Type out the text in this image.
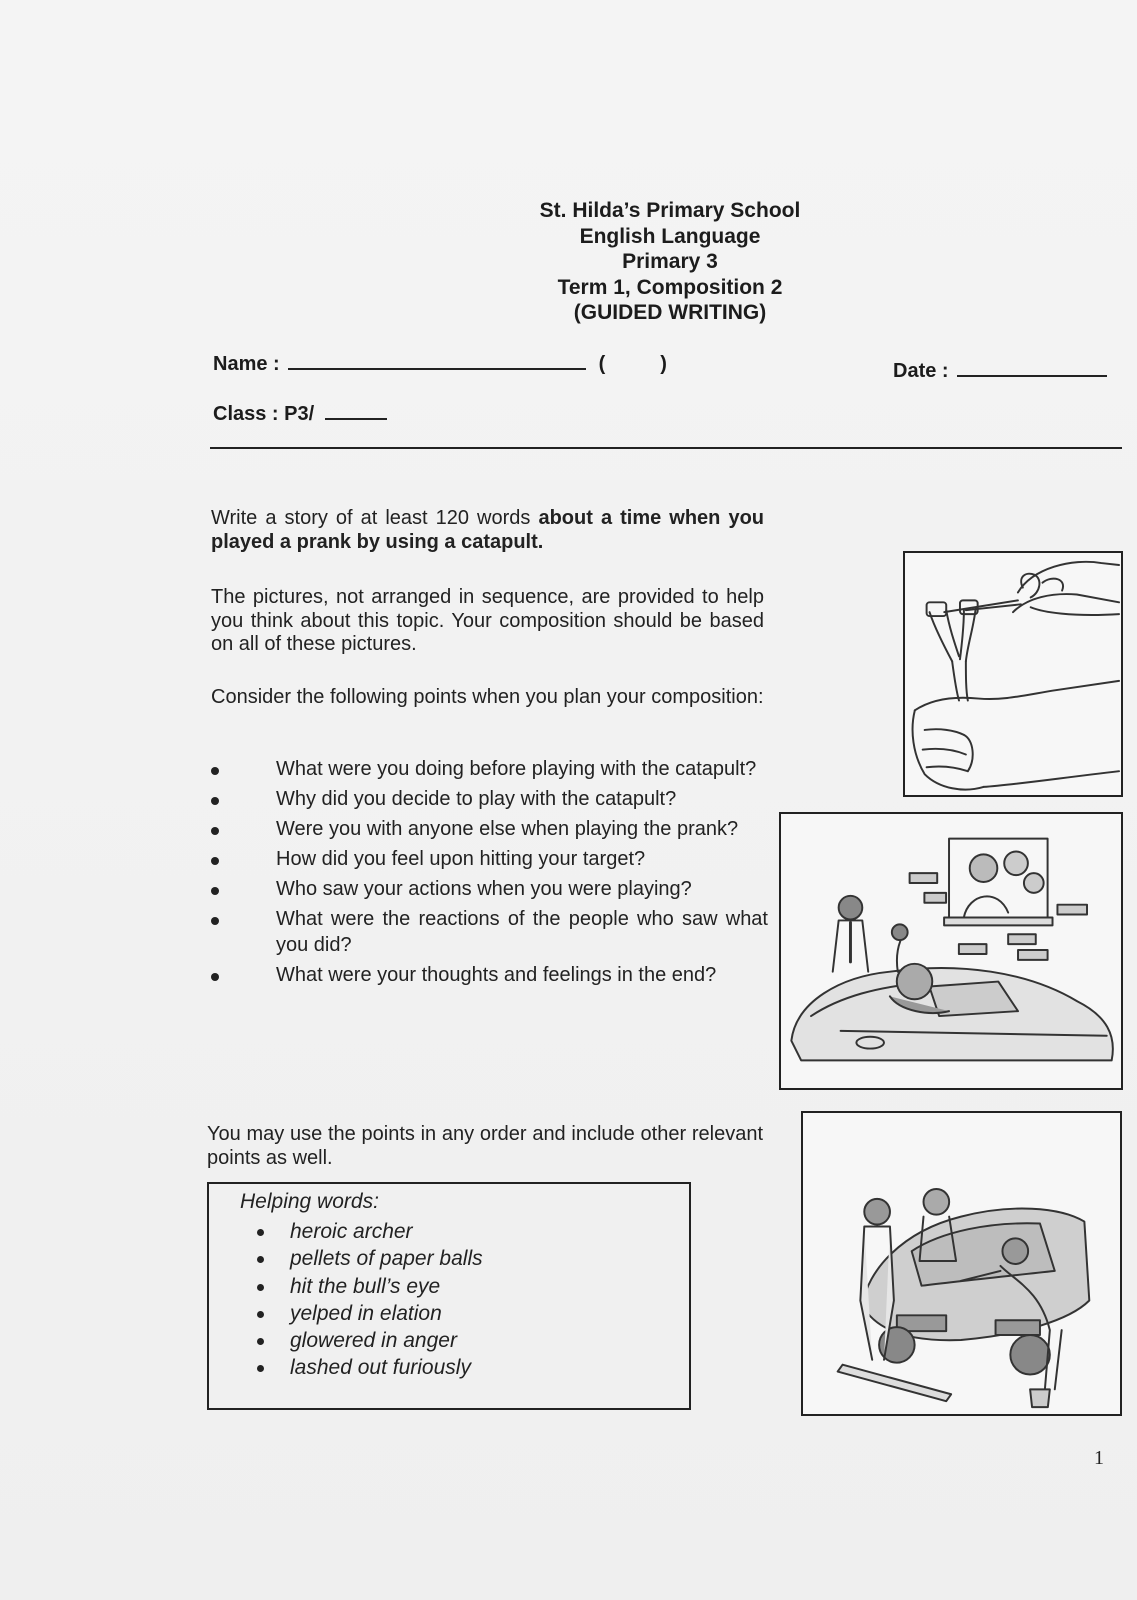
St. Hilda’s Primary School
English Language
Primary 3
Term 1, Composition 2
(GUIDED WRITING)
Name :	(	)	Date :
Class : P3/
Write a story of at least 120 words about a time when you played a prank by using a catapult.
The pictures, not arranged in sequence, are provided to help you think about this topic. Your composition should be based on all of these pictures.
Consider the following points when you plan your composition:
What were you doing before playing with the catapult?
Why did you decide to play with the catapult?
Were you with anyone else when playing the prank?
How did you feel upon hitting your target?
Who saw your actions when you were playing?
What were the reactions of the people who saw what you did?
What were your thoughts and feelings in the end?
You may use the points in any order and include other relevant points as well.
Helping words:
heroic archer
pellets of paper balls
hit the bull’s eye
yelped in elation
glowered in anger
lashed out furiously
1
